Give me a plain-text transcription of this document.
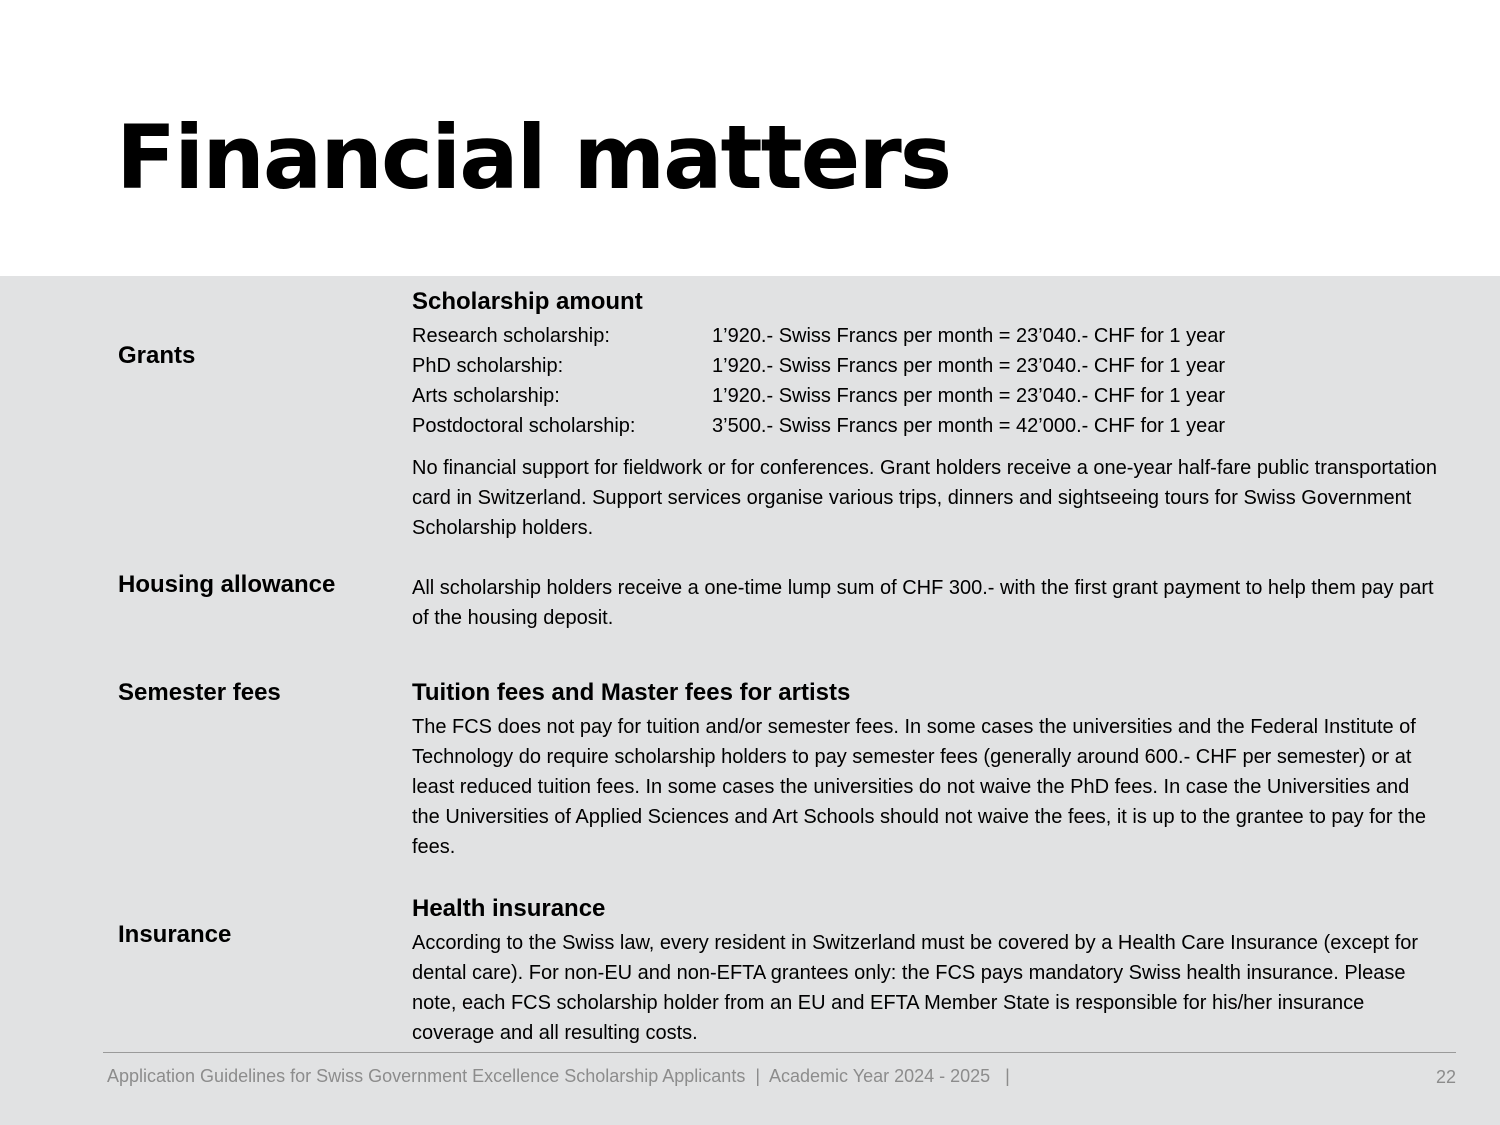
Financial matters

Grants

Scholarship amount

Research scholarship:	1’920.- Swiss Francs per month = 23’040.- CHF for 1 year
PhD scholarship:	1’920.- Swiss Francs per month = 23’040.- CHF for 1 year
Arts scholarship:	1’920.- Swiss Francs per month = 23’040.- CHF for 1 year
Postdoctoral scholarship:	3’500.- Swiss Francs per month = 42’000.- CHF for 1 year

No financial support for fieldwork or for conferences. Grant holders receive a one-year half-fare public transportation card in Switzerland. Support services organise various trips, dinners and sightseeing tours for Swiss Government Scholarship holders.

Housing allowance	All scholarship holders receive a one-time lump sum of CHF 300.- with the first grant payment to help them pay part of the housing deposit.

Semester fees	Tuition fees and Master fees for artists

The FCS does not pay for tuition and/or semester fees. In some cases the universities and the Federal Institute of Technology do require scholarship holders to pay semester fees (generally around 600.- CHF per semester) or at least reduced tuition fees. In some cases the universities do not waive the PhD fees. In case the Universities and the Universities of Applied Sciences and Art Schools should not waive the fees, it is up to the grantee to pay for the fees.

Insurance

Health insurance

According to the Swiss law, every resident in Switzerland must be covered by a Health Care Insurance (except for dental care). For non-EU and non-EFTA grantees only: the FCS pays mandatory Swiss health insurance. Please note, each FCS scholarship holder from an EU and EFTA Member State is responsible for his/her insurance coverage and all resulting costs.

Application Guidelines for Swiss Government Excellence Scholarship Applicants  |  Academic Year 2024 - 2025   |	22
